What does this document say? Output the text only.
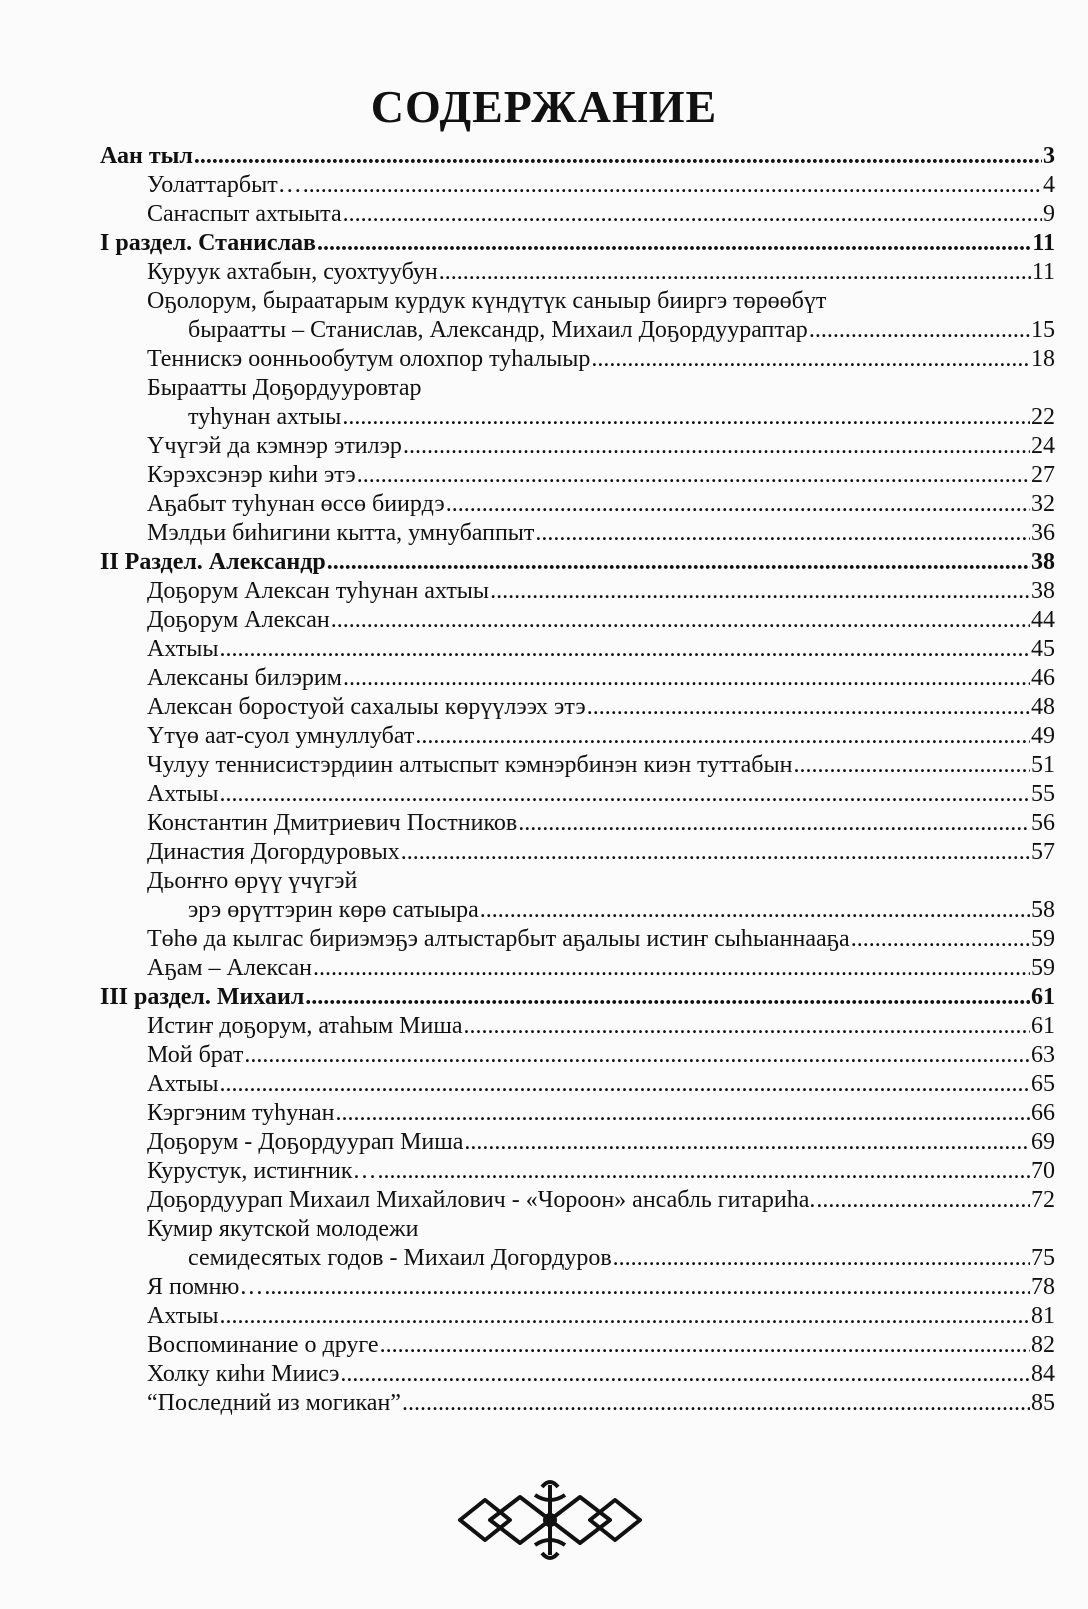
СОДЕРЖАНИЕ
Аан тыл .....	3
Уолаттарбыт… .....	4
Саҥаспыт ахтыыта .....	9
I раздел. Станислав .....	11
Куруук ахтабын, суохтуубун .....	11
Оҕолорум, быраатарым курдук күндүтүк саныыр бииргэ төрөөбүт
быраатты – Станислав, Александр, Михаил Доҕордуураптар .....	15
Теннискэ оонньообутум олохпор туһалыыр .....	18
Быраатты Доҕордууровтар
туһунан ахтыы .....	22
Үчүгэй да кэмнэр этилэр .....	24
Кэрэхсэнэр киһи этэ .....	27
Аҕабыт туһунан өссө биирдэ .....	32
Мэлдьи биһигини кытта, умнубаппыт .....	36
II Раздел. Александр .....	38
Доҕорум Алексан туһунан ахтыы .....	38
Доҕорум Алексан .....	44
Ахтыы .....	45
Алексаны билэрим .....	46
Алексан боростуой сахалыы көрүүлээх этэ .....	48
Үтүө аат-суол умнуллубат .....	49
Чулуу теннисистэрдиин алтыспыт кэмнэрбинэн киэн туттабын .....	51
Ахтыы .....	55
Константин Дмитриевич Постников .....	56
Династия Догордуровых .....	57
Дьоҥҥо өрүү үчүгэй
эрэ өрүттэрин көрө сатыыра .....	58
Төһө да кылгас бириэмэҕэ алтыстарбыт аҕалыы истиҥ сыһыаннааҕа .....	59
Аҕам – Алексан .....	59
III раздел. Михаил .....	61
Истиҥ доҕорум, атаһым Миша .....	61
Мой брат .....	63
Ахтыы .....	65
Кэргэним туһунан .....	66
Доҕорум - Доҕордуурап Миша .....	69
Курустук, истиҥник… .....	70
Доҕордуурап Михаил Михайлович - «Чороон» ансабль гитариһа. .....	72
Кумир якутской молодежи
семидесятых годов - Михаил Догордуров .....	75
Я помню… .....	78
Ахтыы .....	81
Воспоминание о друге .....	82
Холку киһи Миисэ .....	84
“Последний из могикан” .....	85
